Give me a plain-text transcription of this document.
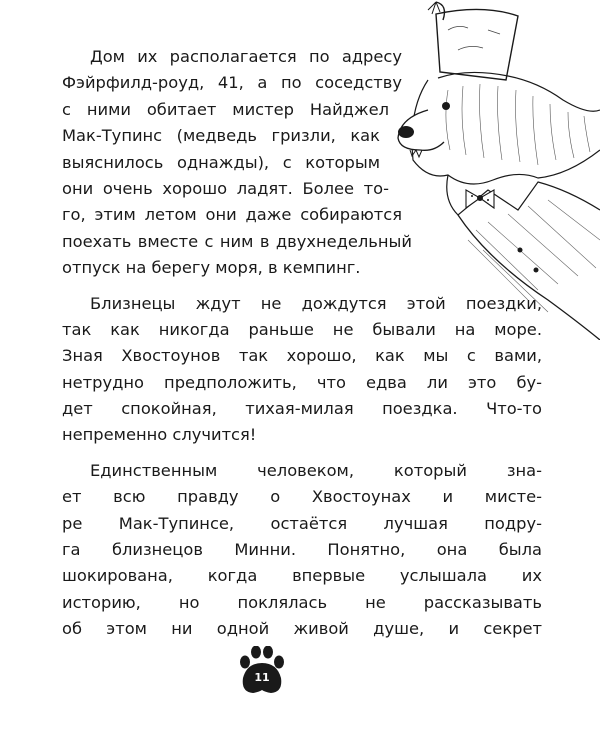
Дом их располагается по адресу
Фэйрфилд-роуд, 41, а по соседству
с ними обитает мистер Найджел
Мак-Тупинс (медведь гризли, как
выяснилось однажды), с которым
они очень хорошо ладят. Более то-
го, этим летом они даже собираются
поехать вместе с ним в двухнедельный
отпуск на берегу моря, в кемпинг.
Близнецы ждут не дождутся этой поездки,
так как никогда раньше не бывали на море.
Зная Хвостоунов так хорошо, как мы с вами,
нетрудно предположить, что едва ли это бу-
дет спокойная, тихая-милая поездка. Что-то
непременно случится!
Единственным человеком, который зна-
ет всю правду о Хвостоунах и мисте-
ре Мак-Тупинсе, остаётся лучшая подру-
га близнецов Минни. Понятно, она была
шокирована, когда впервые услышала их
историю, но поклялась не рассказывать
об этом ни одной живой душе, и секрет
11
